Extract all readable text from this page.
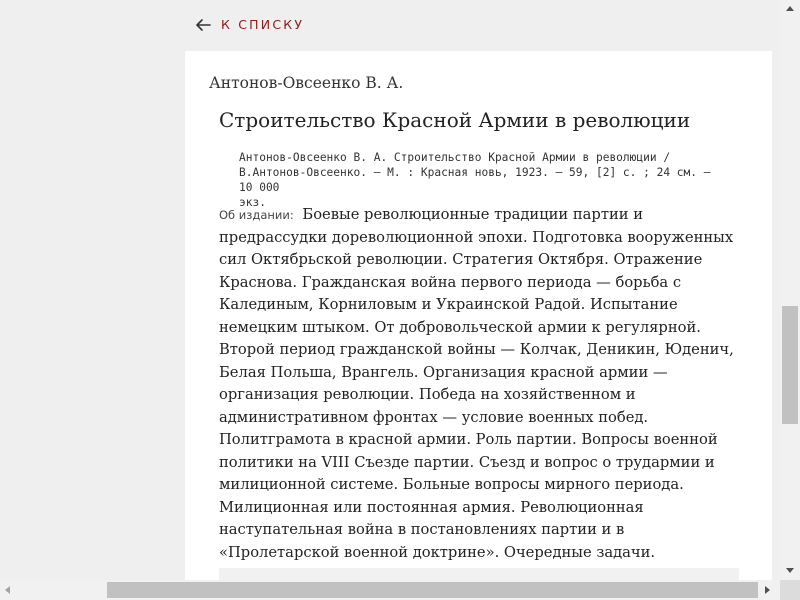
К СПИСКУ
Антонов-Овсеенко В. А.
Строительство Красной Армии в революции
Антонов-Овсеенко В. А. Строительство Красной Армии в революции /
В.Антонов-Овсеенко. — М. : Красная новь, 1923. — 59, [2] с. ; 24 см. — 10 000
экз.
Об издании: Боевые революционные традиции партии и предрассудки дореволюционной эпохи. Подготовка вооруженных сил Октябрьской революции. Стратегия Октября. Отражение Краснова. Гражданская война первого периода — борьба с Калединым, Корниловым и Украинской Радой. Испытание немецким штыком. От добровольческой армии к регулярной. Второй период гражданской войны — Колчак, Деникин, Юденич, Белая Польша, Врангель. Организация красной армии — организация революции. Победа на хозяйственном и административном фронтах — условие военных побед. Политграмота в красной армии. Роль партии. Вопросы военной политики на VIII Съезде партии. Съезд и вопрос о трудармии и милиционной системе. Больные вопросы мирного периода. Милиционная или постоянная армия. Революционная наступательная война в постановлениях партии и в «Пролетарской военной доктрине». Очередные задачи.
